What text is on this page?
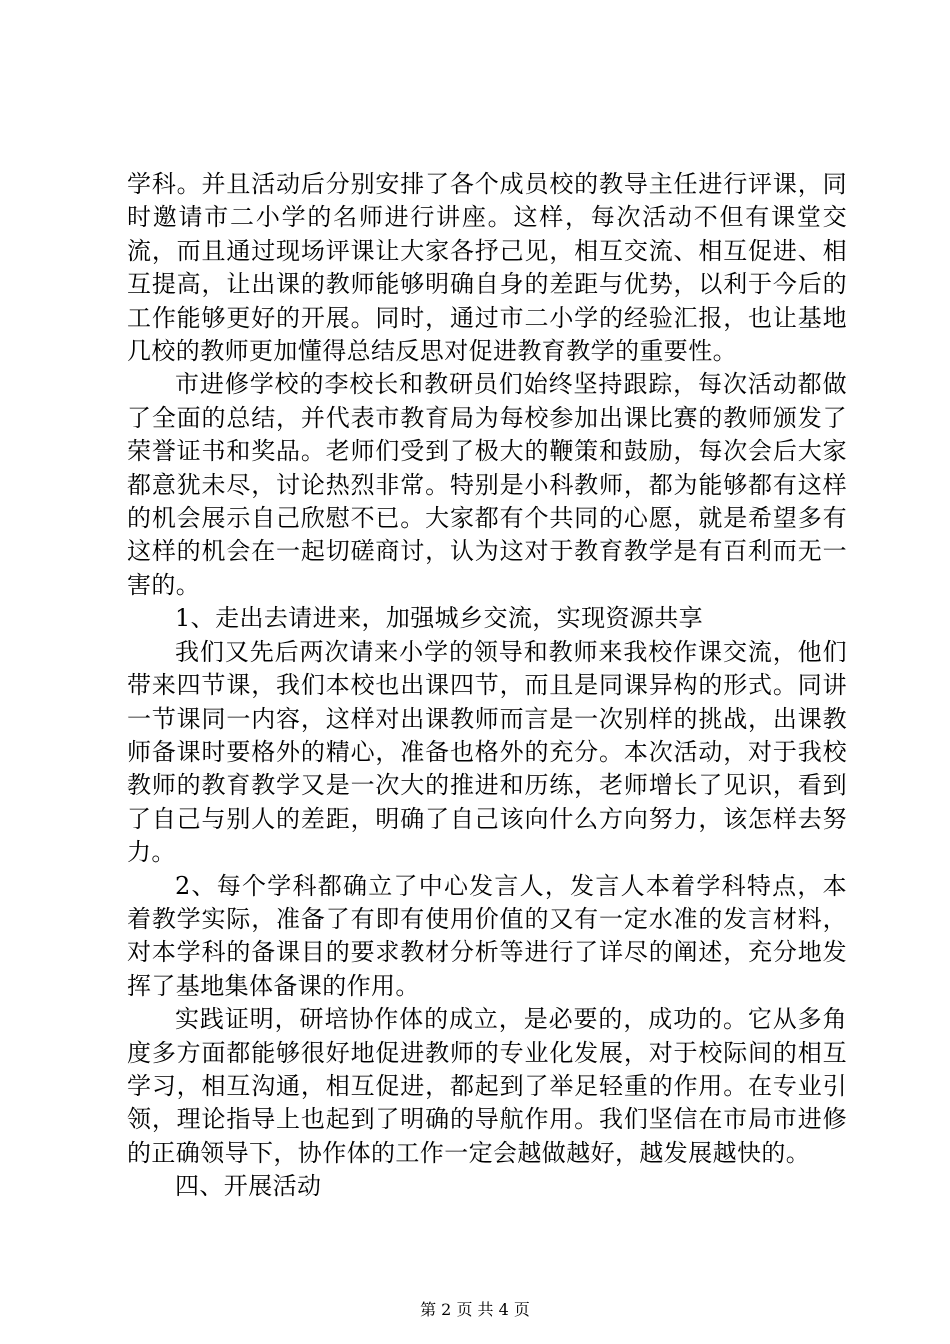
学科。并且活动后分别安排了各个成员校的教导主任进行评课，同时邀请市二小学的名师进行讲座。这样，每次活动不但有课堂交流，而且通过现场评课让大家各抒己见，相互交流、相互促进、相互提高，让出课的教师能够明确自身的差距与优势，以利于今后的工作能够更好的开展。同时，通过市二小学的经验汇报，也让基地几校的教师更加懂得总结反思对促进教育教学的重要性。

市进修学校的李校长和教研员们始终坚持跟踪，每次活动都做了全面的总结，并代表市教育局为每校参加出课比赛的教师颁发了荣誉证书和奖品。老师们受到了极大的鞭策和鼓励，每次会后大家都意犹未尽，讨论热烈非常。特别是小科教师，都为能够都有这样的机会展示自己欣慰不已。大家都有个共同的心愿，就是希望多有这样的机会在一起切磋商讨，认为这对于教育教学是有百利而无一害的。

1、走出去请进来，加强城乡交流，实现资源共享

我们又先后两次请来小学的领导和教师来我校作课交流，他们带来四节课，我们本校也出课四节，而且是同课异构的形式。同讲一节课同一内容，这样对出课教师而言是一次别样的挑战，出课教师备课时要格外的精心，准备也格外的充分。本次活动，对于我校教师的教育教学又是一次大的推进和历练，老师增长了见识，看到了自己与别人的差距，明确了自己该向什么方向努力，该怎样去努力。

2、每个学科都确立了中心发言人，发言人本着学科特点，本着教学实际，准备了有即有使用价值的又有一定水准的发言材料，对本学科的备课目的要求教材分析等进行了详尽的阐述，充分地发挥了基地集体备课的作用。

实践证明，研培协作体的成立，是必要的，成功的。它从多角度多方面都能够很好地促进教师的专业化发展，对于校际间的相互学习，相互沟通，相互促进，都起到了举足轻重的作用。在专业引领，理论指导上也起到了明确的导航作用。我们坚信在市局市进修的正确领导下，协作体的工作一定会越做越好，越发展越快的。

四、开展活动

第 2 页 共 4 页
